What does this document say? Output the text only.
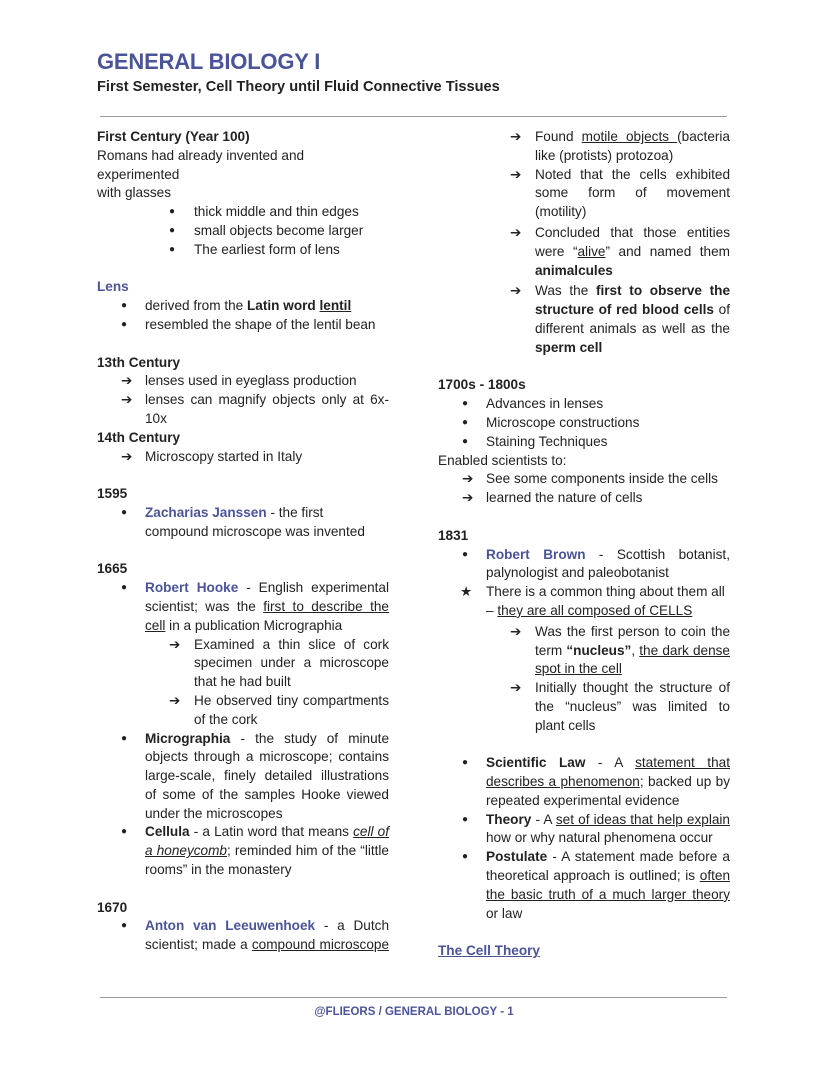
GENERAL BIOLOGY I
First Semester, Cell Theory until Fluid Connective Tissues
First Century (Year 100)
Romans had already invented and experimented
with glasses
● thick middle and thin edges
● small objects become larger
● The earliest form of lens
Lens
● derived from the Latin word lentil
● resembled the shape of the lentil bean
13th Century
➔ lenses used in eyeglass production
➔ lenses can magnify objects only at 6x-10x
14th Century
➔ Microscopy started in Italy
1595
● Zacharias Janssen - the first compound microscope was invented
1665
● Robert Hooke - English experimental scientist; was the first to describe the cell in a publication Micrographia
➔ Examined a thin slice of cork specimen under a microscope that he had built
➔ He observed tiny compartments of the cork
● Micrographia - the study of minute objects through a microscope; contains large-scale, finely detailed illustrations of some of the samples Hooke viewed under the microscopes
● Cellula - a Latin word that means cell of a honeycomb; reminded him of the “little rooms” in the monastery
1670
● Anton van Leeuwenhoek - a Dutch scientist; made a compound microscope
➔ Found motile objects (bacteria like (protists) protozoa)
➔ Noted that the cells exhibited some form of movement (motility)
➔ Concluded that those entities were “alive” and named them animalcules
➔ Was the first to observe the structure of red blood cells of different animals as well as the sperm cell
1700s - 1800s
● Advances in lenses
● Microscope constructions
● Staining Techniques
Enabled scientists to:
➔ See some components inside the cells
➔ learned the nature of cells
1831
● Robert Brown - Scottish botanist, palynologist and paleobotanist
★ There is a common thing about them all – they are all composed of CELLS
➔ Was the first person to coin the term “nucleus”, the dark dense spot in the cell
➔ Initially thought the structure of the “nucleus” was limited to plant cells
● Scientific Law - A statement that describes a phenomenon; backed up by repeated experimental evidence
● Theory - A set of ideas that help explain how or why natural phenomena occur
● Postulate - A statement made before a theoretical approach is outlined; is often the basic truth of a much larger theory or law
The Cell Theory
@FLIEORS / GENERAL BIOLOGY - 1
